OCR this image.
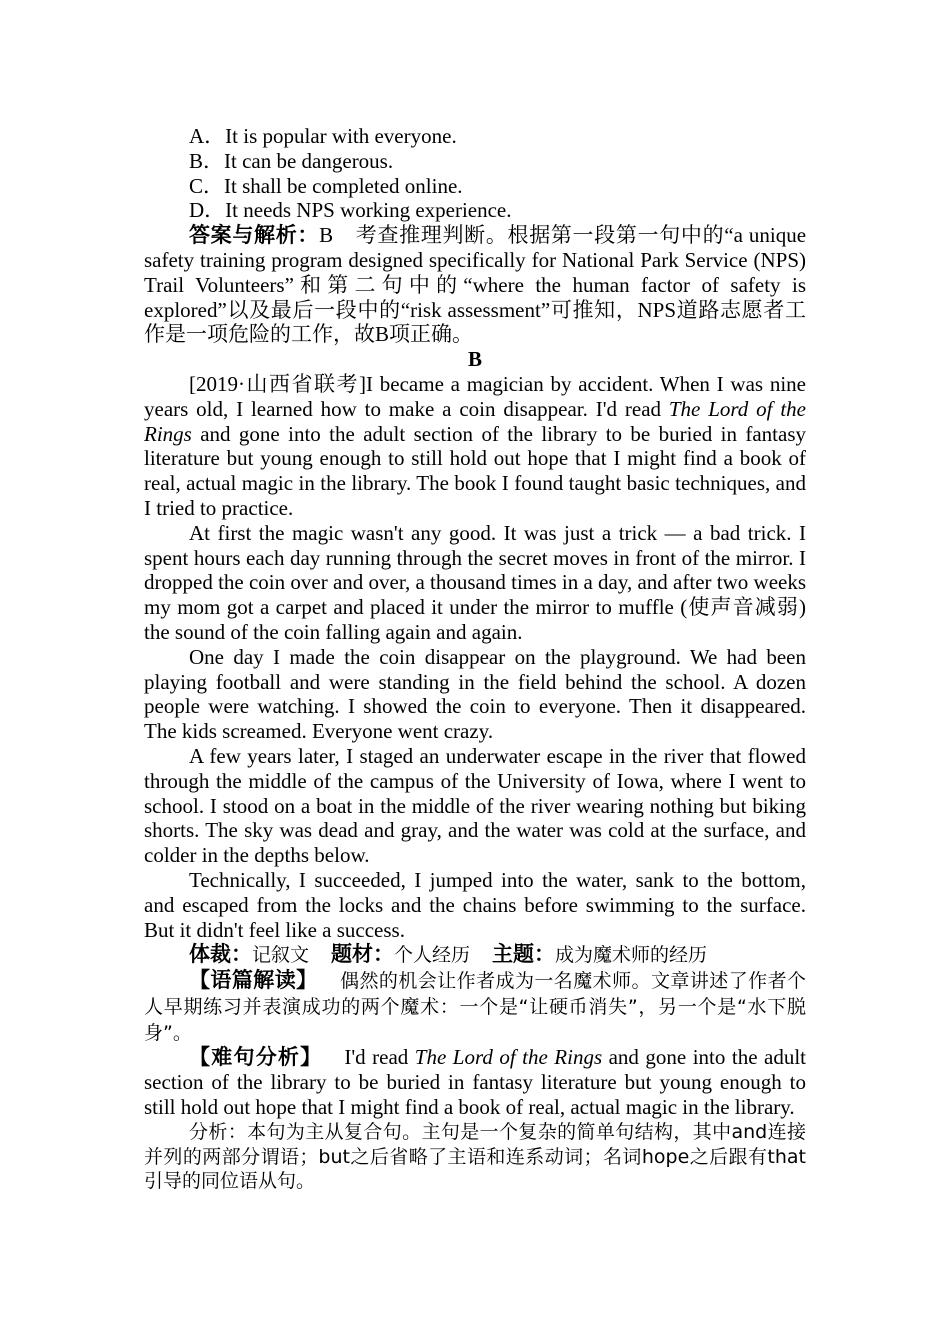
A．It is popular with everyone.
B．It can be dangerous.
C．It shall be completed online.
D．It needs NPS working experience.
答案与解析：B 考查推理判断。根据第一段第一句中的“a unique safety training program designed specifically for National Park Service (NPS) Trail Volunteers”和第二句中的“where the human factor of safety is explored”以及最后一段中的“risk assessment”可推知，NPS道路志愿者工作是一项危险的工作，故B项正确。
B
[2019·山西省联考]I became a magician by accident. When I was nine years old, I learned how to make a coin disappear. I'd read The Lord of the Rings and gone into the adult section of the library to be buried in fantasy literature but young enough to still hold out hope that I might find a book of real, actual magic in the library. The book I found taught basic techniques, and I tried to practice.
At first the magic wasn't any good. It was just a trick — a bad trick. I spent hours each day running through the secret moves in front of the mirror. I dropped the coin over and over, a thousand times in a day, and after two weeks my mom got a carpet and placed it under the mirror to muffle (使声音减弱) the sound of the coin falling again and again.
One day I made the coin disappear on the playground. We had been playing football and were standing in the field behind the school. A dozen people were watching. I showed the coin to everyone. Then it disappeared. The kids screamed. Everyone went crazy.
A few years later, I staged an underwater escape in the river that flowed through the middle of the campus of the University of Iowa, where I went to school. I stood on a boat in the middle of the river wearing nothing but biking shorts. The sky was dead and gray, and the water was cold at the surface, and colder in the depths below.
Technically, I succeeded, I jumped into the water, sank to the bottom, and escaped from the locks and the chains before swimming to the surface. But it didn't feel like a success.
体裁：记叙文 题材：个人经历 主题：成为魔术师的经历
【语篇解读】 偶然的机会让作者成为一名魔术师。文章讲述了作者个人早期练习并表演成功的两个魔术：一个是“让硬币消失”，另一个是“水下脱身”。
【难句分析】 I'd read The Lord of the Rings and gone into the adult section of the library to be buried in fantasy literature but young enough to still hold out hope that I might find a book of real, actual magic in the library.
分析：本句为主从复合句。主句是一个复杂的简单句结构，其中and连接并列的两部分谓语；but之后省略了主语和连系动词；名词hope之后跟有that引导的同位语从句。
